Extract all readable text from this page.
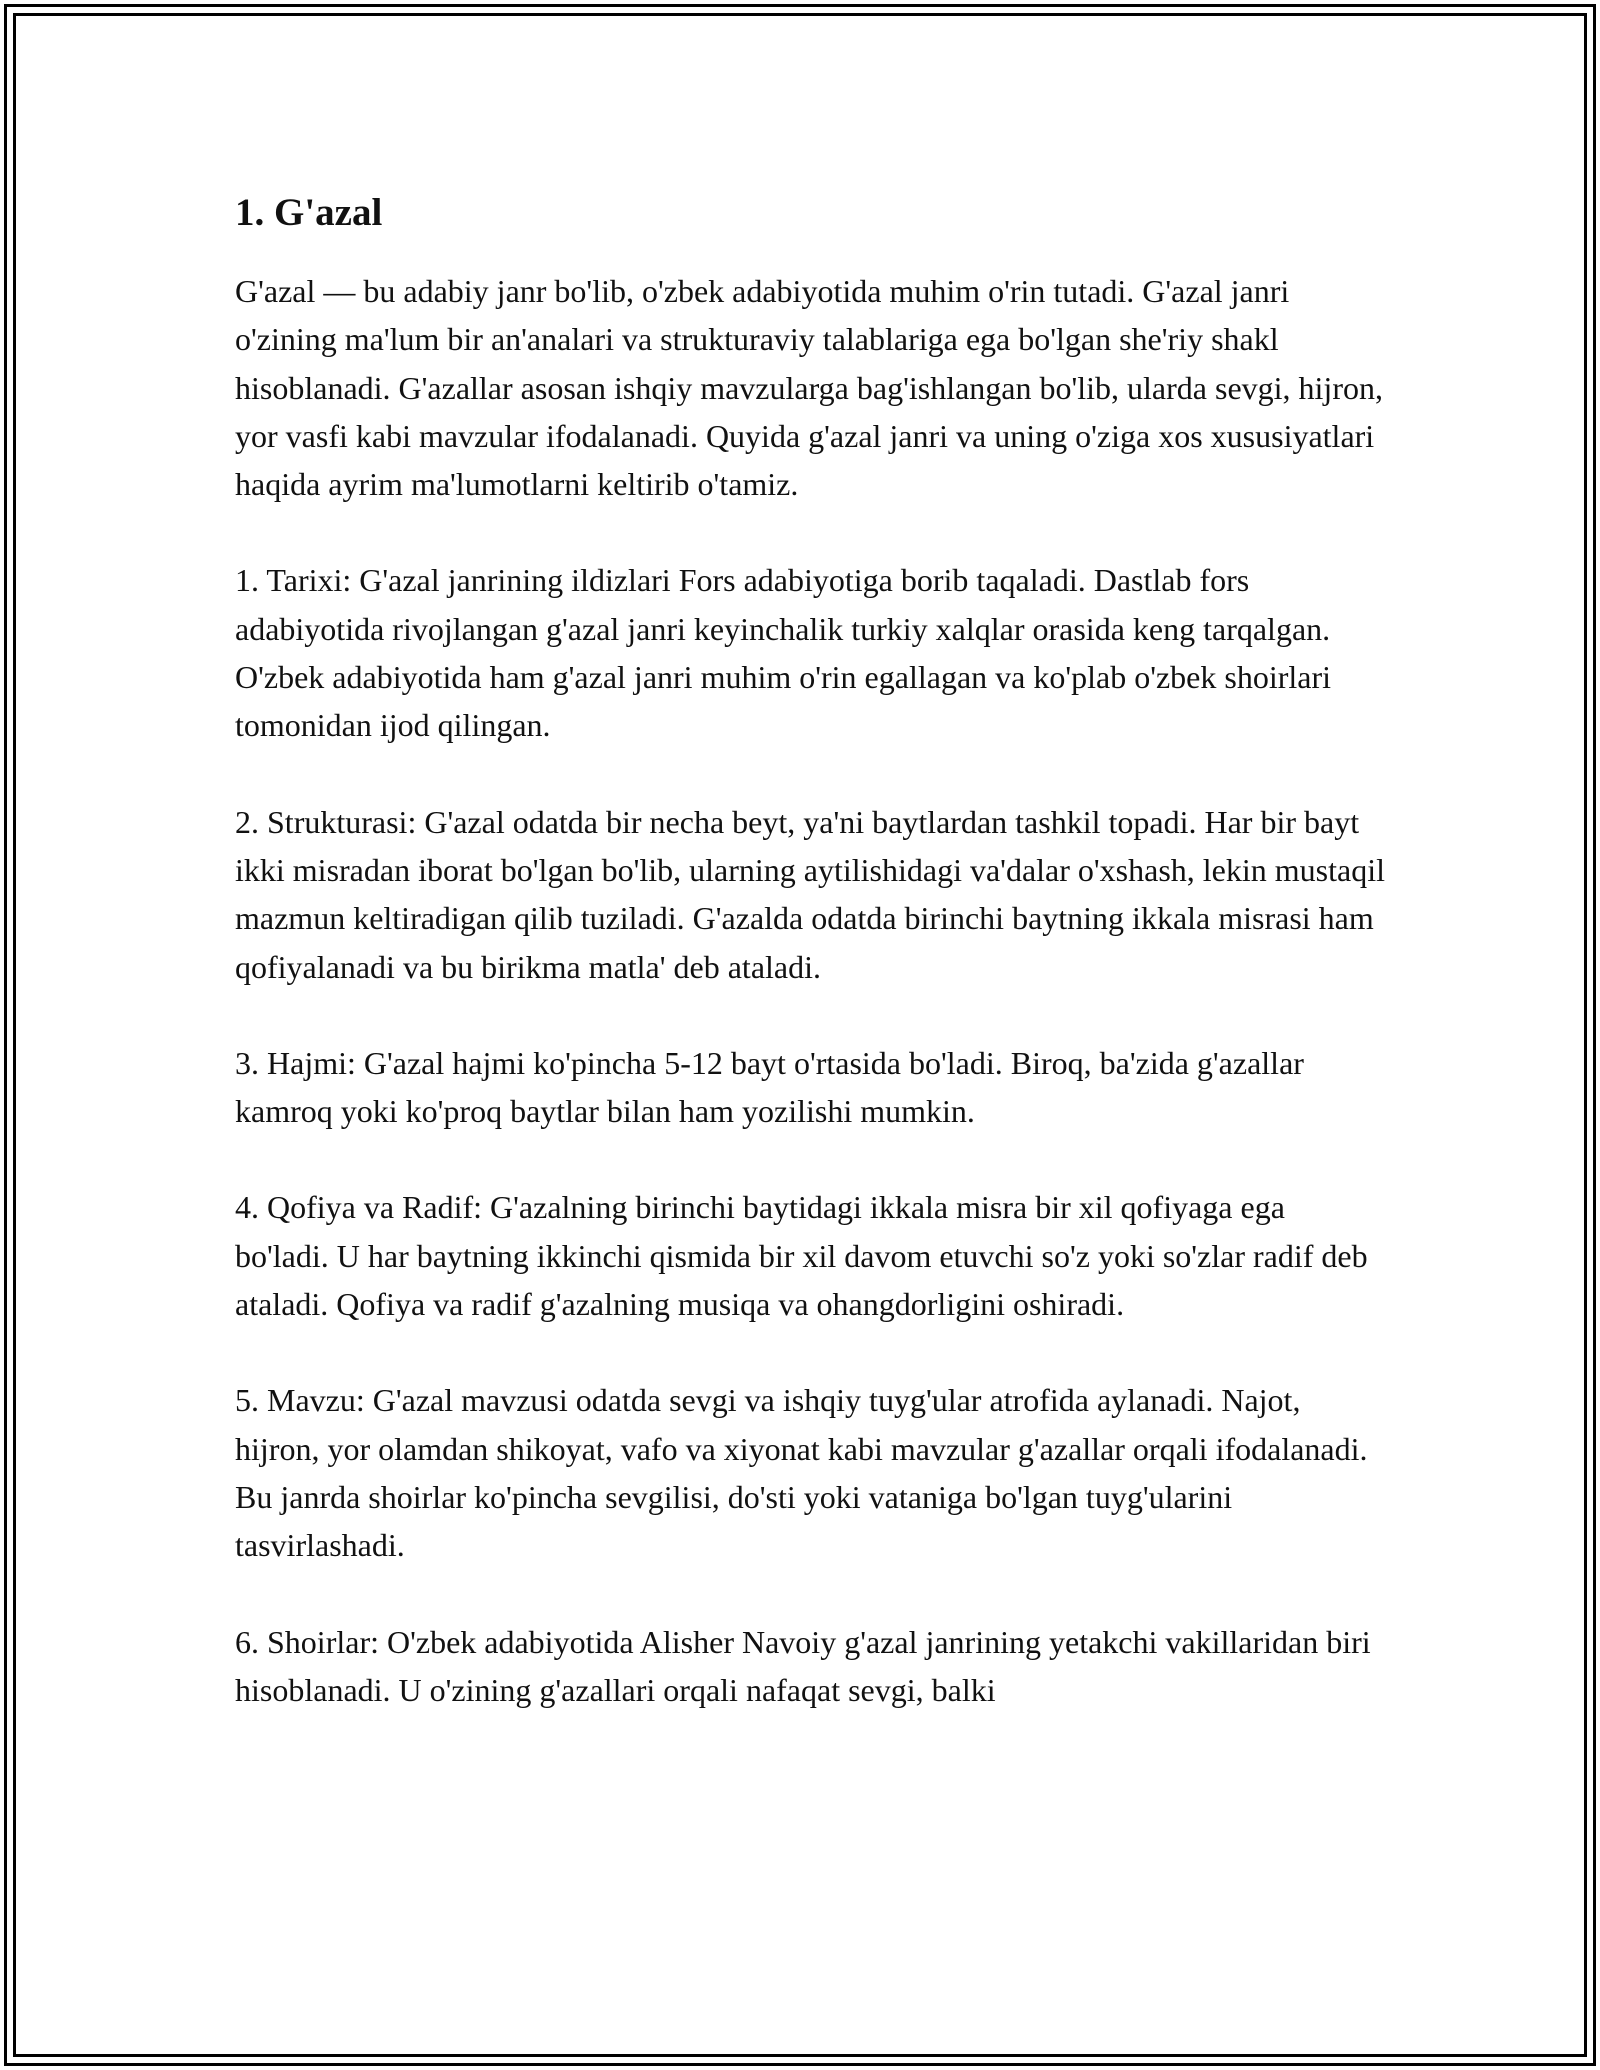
1. G'azal

G'azal — bu adabiy janr bo'lib, o'zbek adabiyotida muhim o'rin tutadi. G'azal janri o'zining ma'lum bir an'analari va strukturaviy talablariga ega bo'lgan she'riy shakl hisoblanadi. G'azallar asosan ishqiy mavzularga bag'ishlangan bo'lib, ularda sevgi, hijron, yor vasfi kabi mavzular ifodalanadi. Quyida g'azal janri va uning o'ziga xos xususiyatlari haqida ayrim ma'lumotlarni keltirib o'tamiz.

1. Tarixi: G'azal janrining ildizlari Fors adabiyotiga borib taqaladi. Dastlab fors adabiyotida rivojlangan g'azal janri keyinchalik turkiy xalqlar orasida keng tarqalgan. O'zbek adabiyotida ham g'azal janri muhim o'rin egallagan va ko'plab o'zbek shoirlari tomonidan ijod qilingan.

2. Strukturasi: G'azal odatda bir necha beyt, ya'ni baytlardan tashkil topadi. Har bir bayt ikki misradan iborat bo'lgan bo'lib, ularning aytilishidagi va'dalar o'xshash, lekin mustaqil mazmun keltiradigan qilib tuziladi. G'azalda odatda birinchi baytning ikkala misrasi ham qofiyalanadi va bu birikma matla' deb ataladi.

3. Hajmi: G'azal hajmi ko'pincha 5-12 bayt o'rtasida bo'ladi. Biroq, ba'zida g'azallar kamroq yoki ko'proq baytlar bilan ham yozilishi mumkin.

4. Qofiya va Radif: G'azalning birinchi baytidagi ikkala misra bir xil qofiyaga ega bo'ladi. U har baytning ikkinchi qismida bir xil davom etuvchi so'z yoki so'zlar radif deb ataladi. Qofiya va radif g'azalning musiqa va ohangdorligini oshiradi.

5. Mavzu: G'azal mavzusi odatda sevgi va ishqiy tuyg'ular atrofida aylanadi. Najot, hijron, yor olamdan shikoyat, vafo va xiyonat kabi mavzular g'azallar orqali ifodalanadi. Bu janrda shoirlar ko'pincha sevgilisi, do'sti yoki vataniga bo'lgan tuyg'ularini tasvirlashadi.

6. Shoirlar: O'zbek adabiyotida Alisher Navoiy g'azal janrining yetakchi vakillaridan biri hisoblanadi. U o'zining g'azallari orqali nafaqat sevgi, balki
